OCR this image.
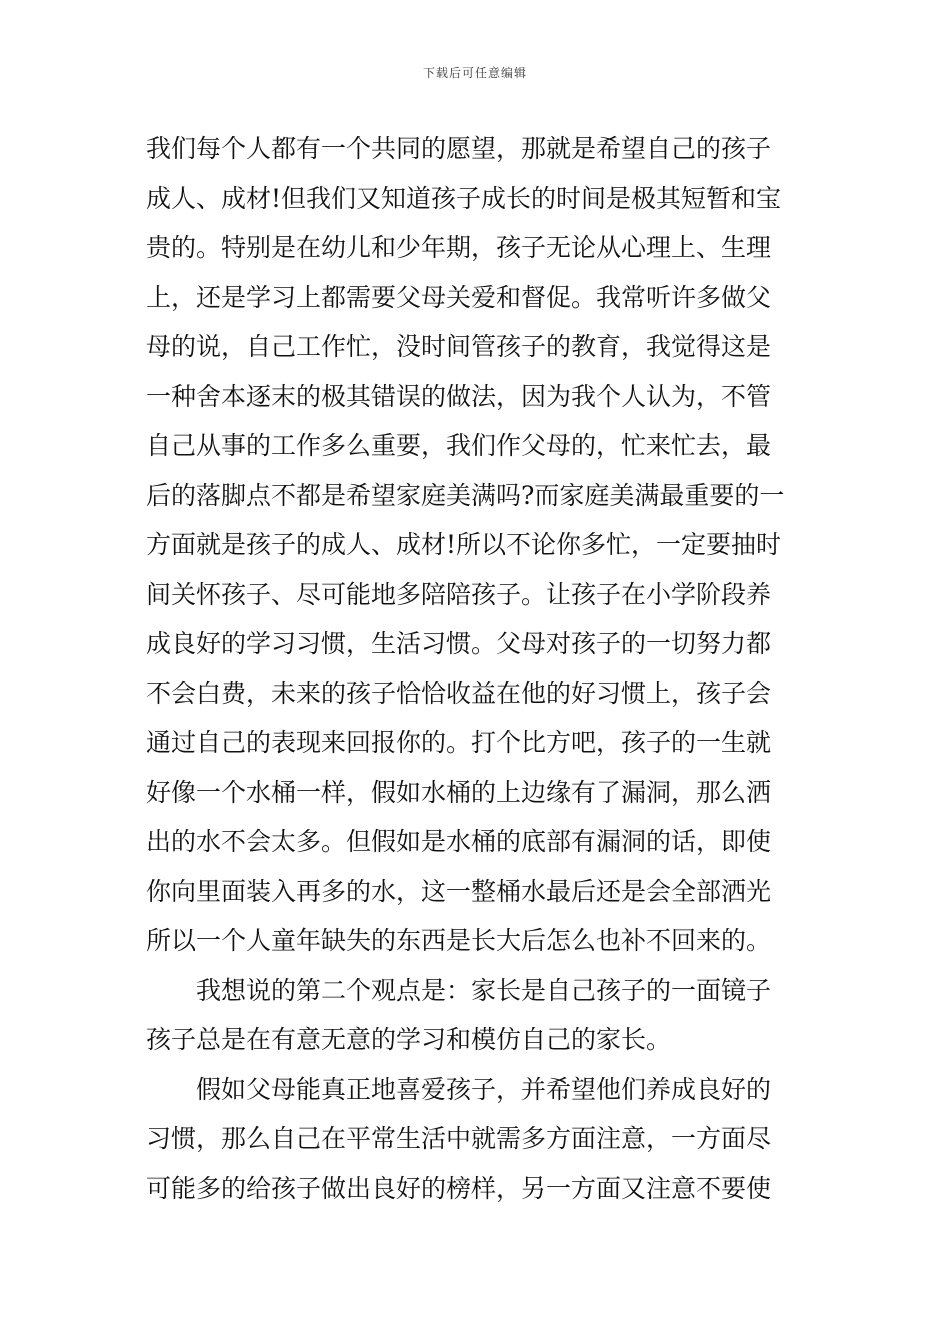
下载后可任意编辑
我们每个人都有一个共同的愿望，那就是希望自己的孩子
成人、成材!但我们又知道孩子成长的时间是极其短暂和宝
贵的。特别是在幼儿和少年期，孩子无论从心理上、生理
上，还是学习上都需要父母关爱和督促。我常听许多做父
母的说，自己工作忙，没时间管孩子的教育，我觉得这是
一种舍本逐末的极其错误的做法，因为我个人认为，不管
自己从事的工作多么重要，我们作父母的，忙来忙去，最
后的落脚点不都是希望家庭美满吗?而家庭美满最重要的一
方面就是孩子的成人、成材!所以不论你多忙，一定要抽时
间关怀孩子、尽可能地多陪陪孩子。让孩子在小学阶段养
成良好的学习习惯，生活习惯。父母对孩子的一切努力都
不会白费，未来的孩子恰恰收益在他的好习惯上，孩子会
通过自己的表现来回报你的。打个比方吧，孩子的一生就
好像一个水桶一样，假如水桶的上边缘有了漏洞，那么洒
出的水不会太多。但假如是水桶的底部有漏洞的话，即使
你向里面装入再多的水，这一整桶水最后还是会全部洒光
所以一个人童年缺失的东西是长大后怎么也补不回来的。
我想说的第二个观点是：家长是自己孩子的一面镜子
孩子总是在有意无意的学习和模仿自己的家长。
假如父母能真正地喜爱孩子，并希望他们养成良好的
习惯，那么自己在平常生活中就需多方面注意，一方面尽
可能多的给孩子做出良好的榜样，另一方面又注意不要使
